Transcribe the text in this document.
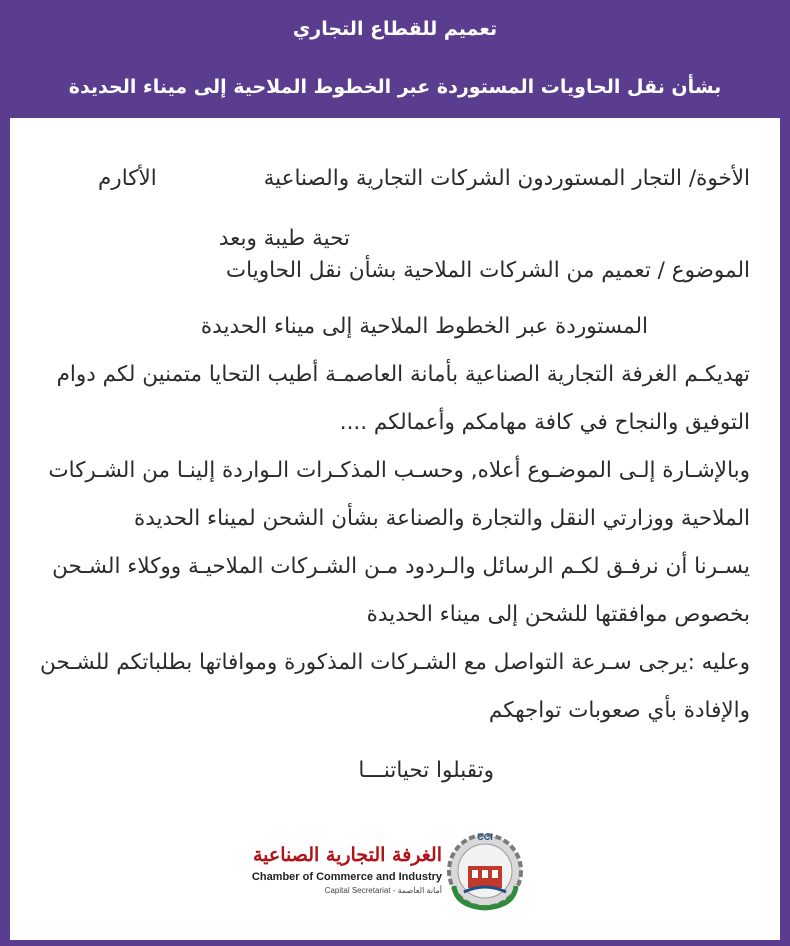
تعميم للقطاع التجاري
بشأن نقل الحاويات المستوردة عبر الخطوط الملاحية إلى ميناء الحديدة
الأخوة/ التجار المستوردون الشركات التجارية والصناعية
الأكارم
تحية طيبة وبعد
الموضوع / تعميم من الشركات الملاحية بشأن نقل الحاويات
المستوردة عبر الخطوط الملاحية إلى ميناء الحديدة
تهديكـم الغرفة التجارية الصناعية بأمانة العاصمـة أطيب التحايا متمنين لكم دوام
التوفيق والنجاح في كافة مهامكم وأعمالكم ....
وبالإشـارة إلـى الموضـوع أعلاه, وحسـب المذكـرات الـواردة إلينـا من الشـركات
الملاحية ووزارتي النقل والتجارة والصناعة بشأن الشحن لميناء الحديدة
يسـرنا أن نرفـق لكـم الرسائل والـردود مـن الشـركات الملاحيـة ووكلاء الشـحن
بخصوص موافقتها للشحن إلى ميناء الحديدة
وعليه :يرجى سـرعة التواصل مع الشـركات المذكورة وموافاتها بطلباتكم للشـحن
والإفادة بأي صعوبات تواجهكم
وتقبلوا تحياتنـــا
الغرفة التجارية الصناعية
Chamber of Commerce and Industry
Capital Secretariat - أمانة العاصمة
CCI
